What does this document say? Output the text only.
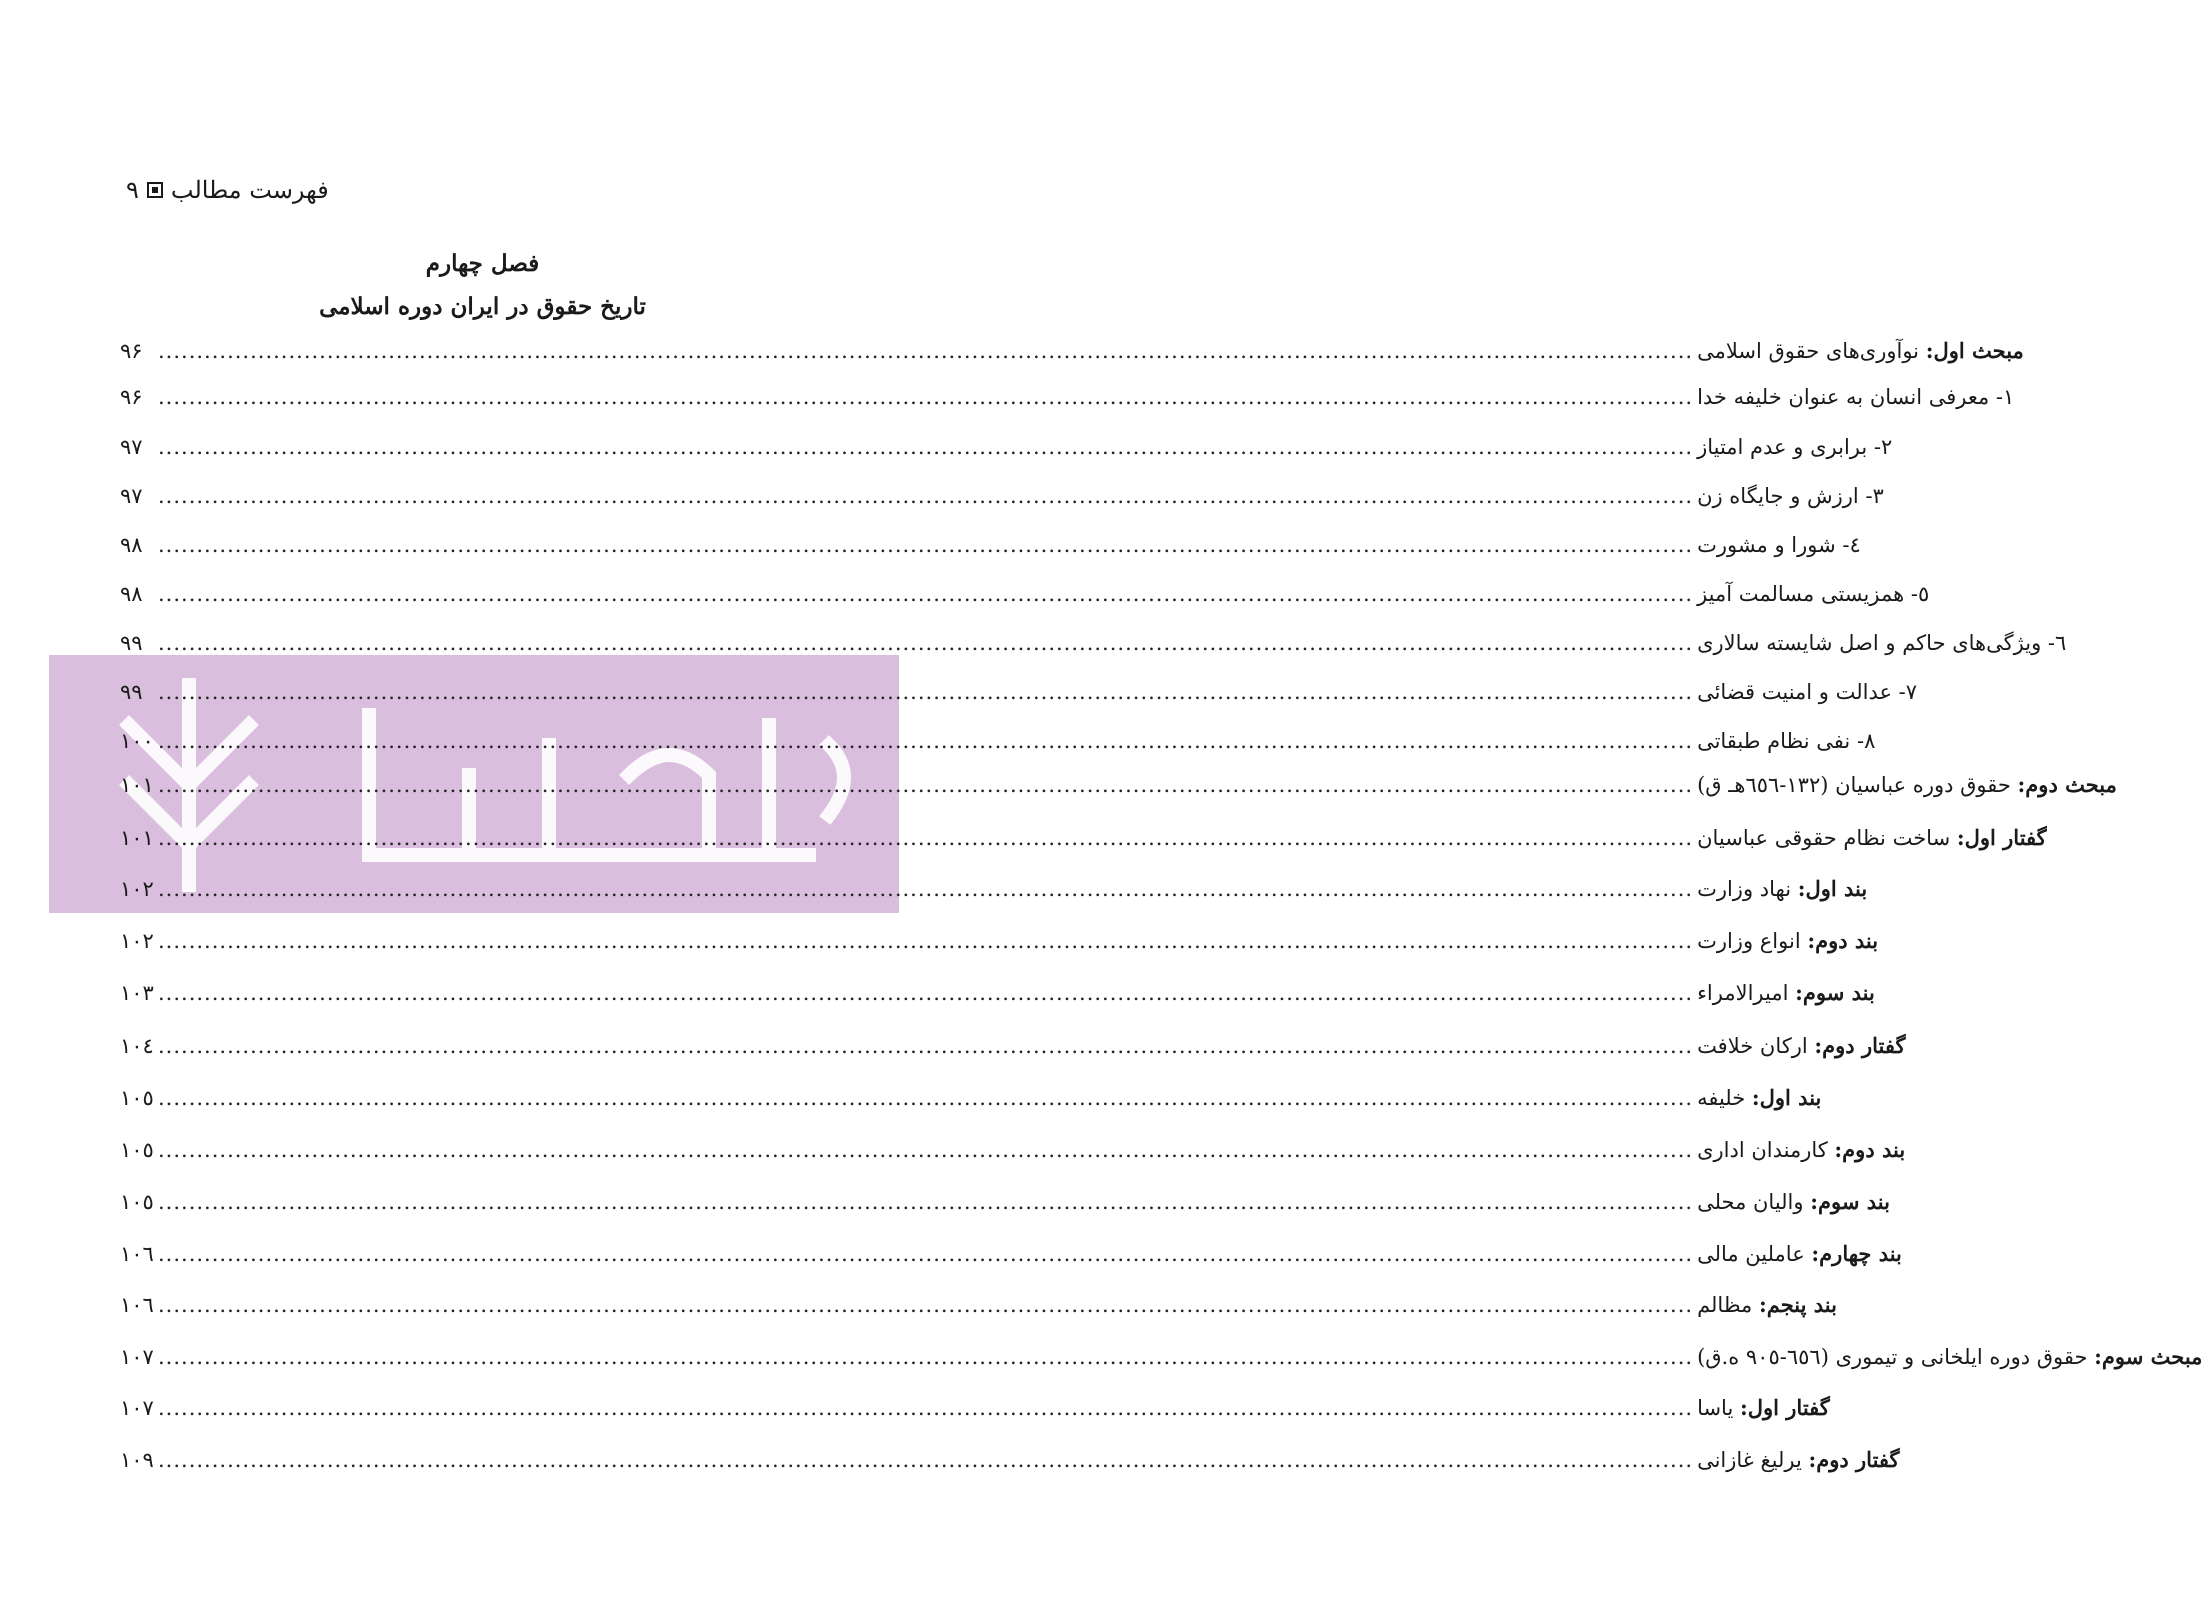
۹ فهرست مطالب
فصل چهارم
تاریخ حقوق در ایران دوره اسلامی
۹۶ ........................................................................................................................................................................................................	مبحث اول: نوآوری‌های حقوق اسلامی
۹۶ ........................................................................................................................................................................................................ ۱- معرفی انسان به عنوان خلیفه خدا
۹۷ ........................................................................................................................................................................................................ ۲- برابری و عدم امتیاز
۹۷ ........................................................................................................................................................................................................ ۳- ارزش و جایگاه زن
۹۸ ........................................................................................................................................................................................................ ٤- شورا و مشورت
۹۸ ........................................................................................................................................................................................................ ٥- همزیستی مسالمت آمیز
۹۹ ........................................................................................................................................................................................................ ٦- ویژگی‌های حاکم و اصل شایسته سالاری
۹۹ ........................................................................................................................................................................................................ ۷- عدالت و امنیت قضائی
۱۰۰ ........................................................................................................................................................................................................ ۸- نفی نظام طبقاتی
۱۰۱ ........................................................................................................................................................................................................	مبحث دوم: حقوق دوره عباسیان (۱۳۲-٦٥٦هـ ق)
۱۰۱ ........................................................................................................................................................................................................	گفتار اول: ساخت نظام حقوقی عباسیان
۱۰۲ ........................................................................................................................................................................................................	بند اول: نهاد وزارت
۱۰۲ ........................................................................................................................................................................................................	بند دوم: انواع وزارت
۱۰۳ ........................................................................................................................................................................................................	بند سوم: امیرالامراء
۱۰٤ ........................................................................................................................................................................................................	گفتار دوم: ارکان خلافت
۱۰٥ ........................................................................................................................................................................................................	بند اول: خلیفه
۱۰٥ ........................................................................................................................................................................................................	بند دوم: کارمندان اداری
۱۰٥ ........................................................................................................................................................................................................	بند سوم: والیان محلی
۱۰٦ ........................................................................................................................................................................................................	بند چهارم: عاملین مالی
۱۰٦ ........................................................................................................................................................................................................	بند پنجم: مظالم
۱۰۷ ........................................................................................................................................................................................................	مبحث سوم: حقوق دوره ایلخانی و تیموری (٦٥٦-۹۰٥ ه.ق)
۱۰۷ ........................................................................................................................................................................................................	گفتار اول: یاسا
۱۰۹ ........................................................................................................................................................................................................	گفتار دوم: یرلیغ غازانی
